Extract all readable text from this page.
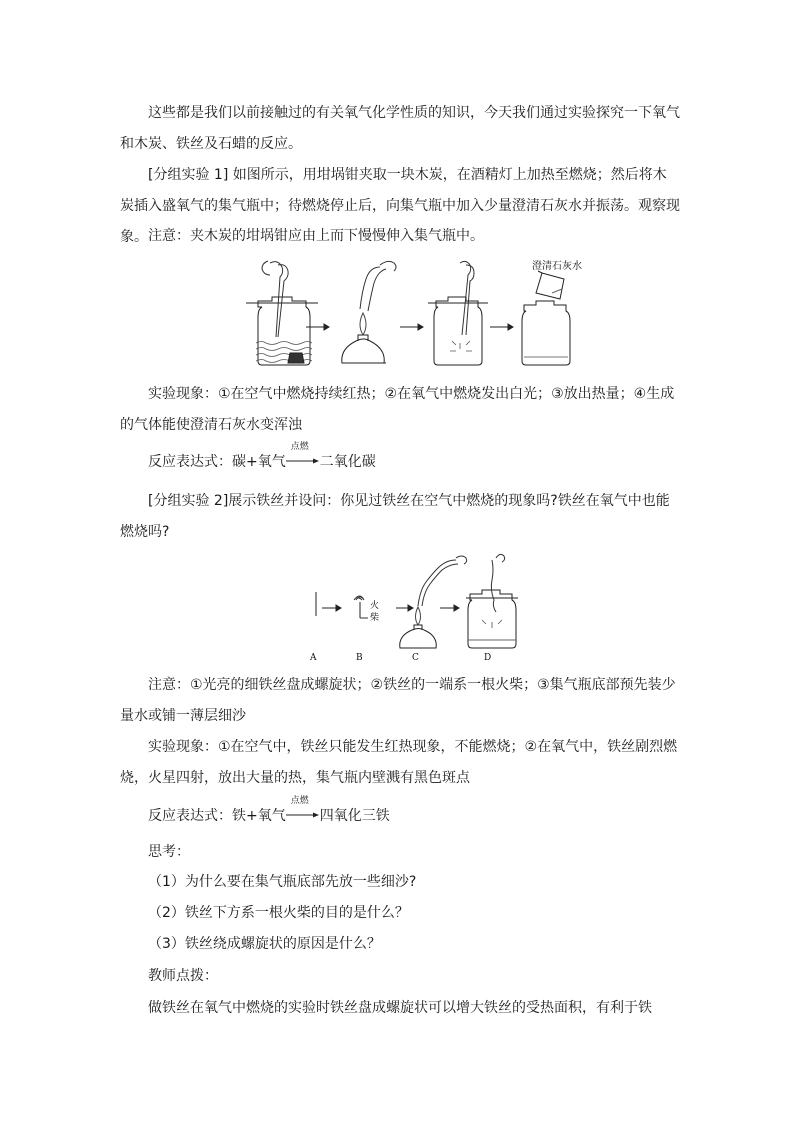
这些都是我们以前接触过的有关氧气化学性质的知识，今天我们通过实验探究一下氧气和木炭、铁丝及石蜡的反应。

[分组实验 1] 如图所示，用坩埚钳夹取一块木炭，在酒精灯上加热至燃烧；然后将木炭插入盛氧气的集气瓶中；待燃烧停止后，向集气瓶中加入少量澄清石灰水并振荡。观察现象。 注意：夹木炭的坩埚钳应由上而下慢慢伸入集气瓶中。

澄清石灰水

实验现象：①在空气中燃烧持续红热；②在氧气中燃烧发出白光；③放出热量；④生成的气体能使澄清石灰水变浑浊

反应表达式：碳+氧气
点燃
二氧化碳

[分组实验 2]展示铁丝并设问：你见过铁丝在空气中燃烧的现象吗?铁丝在氧气中也能燃烧吗?

火
柴
A	B	C	D

注意：①光亮的细铁丝盘成螺旋状；②铁丝的一端系一根火柴；③集气瓶底部预先装少量水或铺一薄层细沙

实验现象：①在空气中，铁丝只能发生红热现象，不能燃烧；②在氧气中，铁丝剧烈燃烧，火星四射，放出大量的热，集气瓶内壁溅有黑色斑点

反应表达式：铁+氧气
点燃
四氧化三铁

思考：

（1）为什么要在集气瓶底部先放一些细沙?

（2）铁丝下方系一根火柴的目的是什么？

（3）铁丝绕成螺旋状的原因是什么？

教师点拨：

做铁丝在氧气中燃烧的实验时铁丝盘成螺旋状可以增大铁丝的受热面积，有利于铁
